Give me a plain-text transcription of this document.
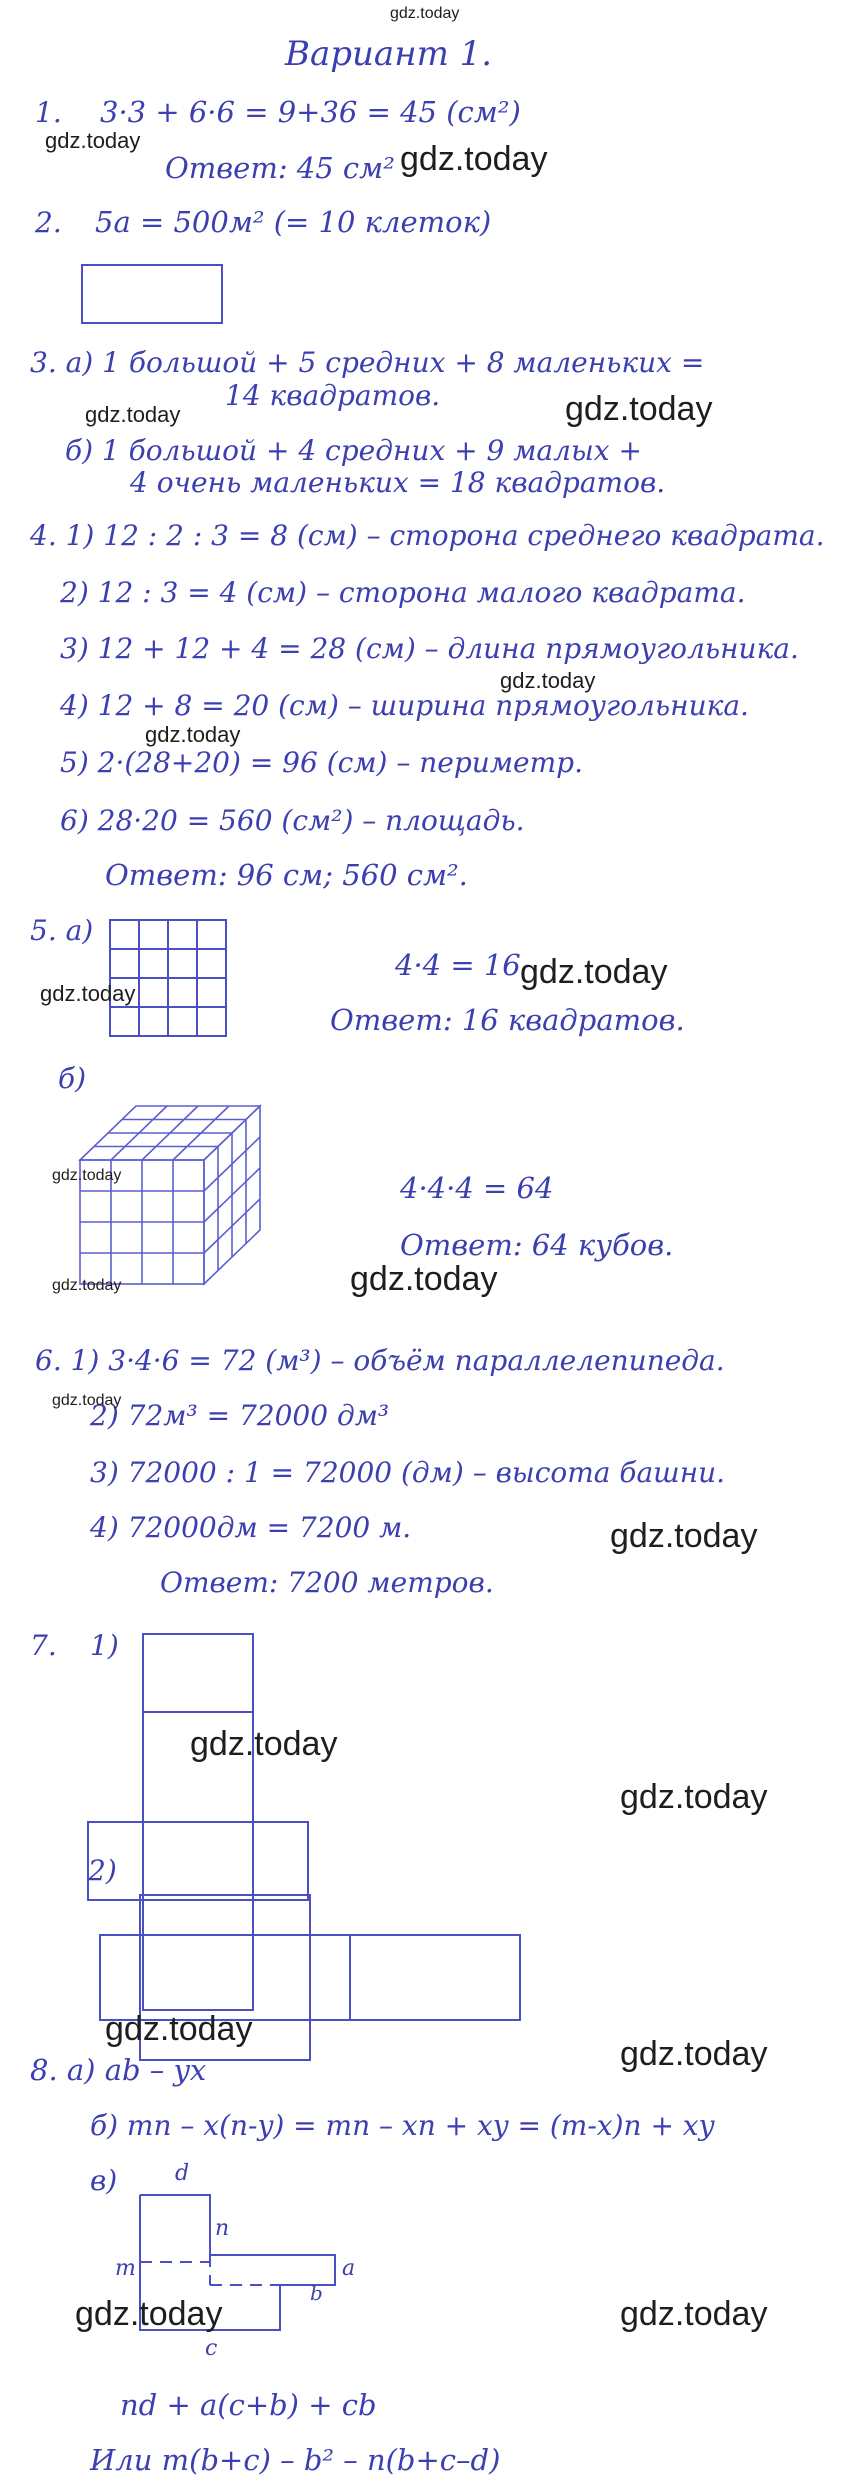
Вариант 1.
1. 3·3 + 6·6 = 9+36 = 45 (см²)
Ответ: 45 см²
2. 5а = 500м² (= 10 клеток)
3. а) 1 большой + 5 средних + 8 маленьких =
14 квадратов.
б) 1 большой + 4 средних + 9 малых +
4 очень маленьких = 18 квадратов.
4. 1) 12 : 2 : 3 = 8 (см) – сторона среднего квадрата.
2) 12 : 3 = 4 (см) – сторона малого квадрата.
3) 12 + 12 + 4 = 28 (см) – длина прямоугольника.
4) 12 + 8 = 20 (см) – ширина прямоугольника.
5) 2·(28+20) = 96 (см) – периметр.
6) 28·20 = 560 (см²) – площадь.
Ответ: 96 см; 560 см².
5. а)
4·4 = 16
Ответ: 16 квадратов.
б)
4·4·4 = 64
Ответ: 64 кубов.
6. 1) 3·4·6 = 72 (м³) – объём параллелепипеда.
2) 72м³ = 72000 дм³
3) 72000 : 1 = 72000 (дм) – высота башни.
4) 72000дм = 7200 м.
Ответ: 7200 метров.
7. 1)
2)
8. а) ab – yx
б) mn – x(n-y) = mn – xn + xy = (m-x)n + xy
в)	d
n
m	a
b
c
nd + a(c+b) + cb
Или m(b+c) – b² – n(b+c–d)
gdz.today
gdz.today	gdz.today
gdz.today	gdz.today
gdz.today
gdz.today
gdz.today
gdz.today
gdz.today
gdz.today	gdz.today
gdz.today
gdz.today
gdz.today
gdz.today
gdz.today
gdz.today
gdz.today	gdz.today
